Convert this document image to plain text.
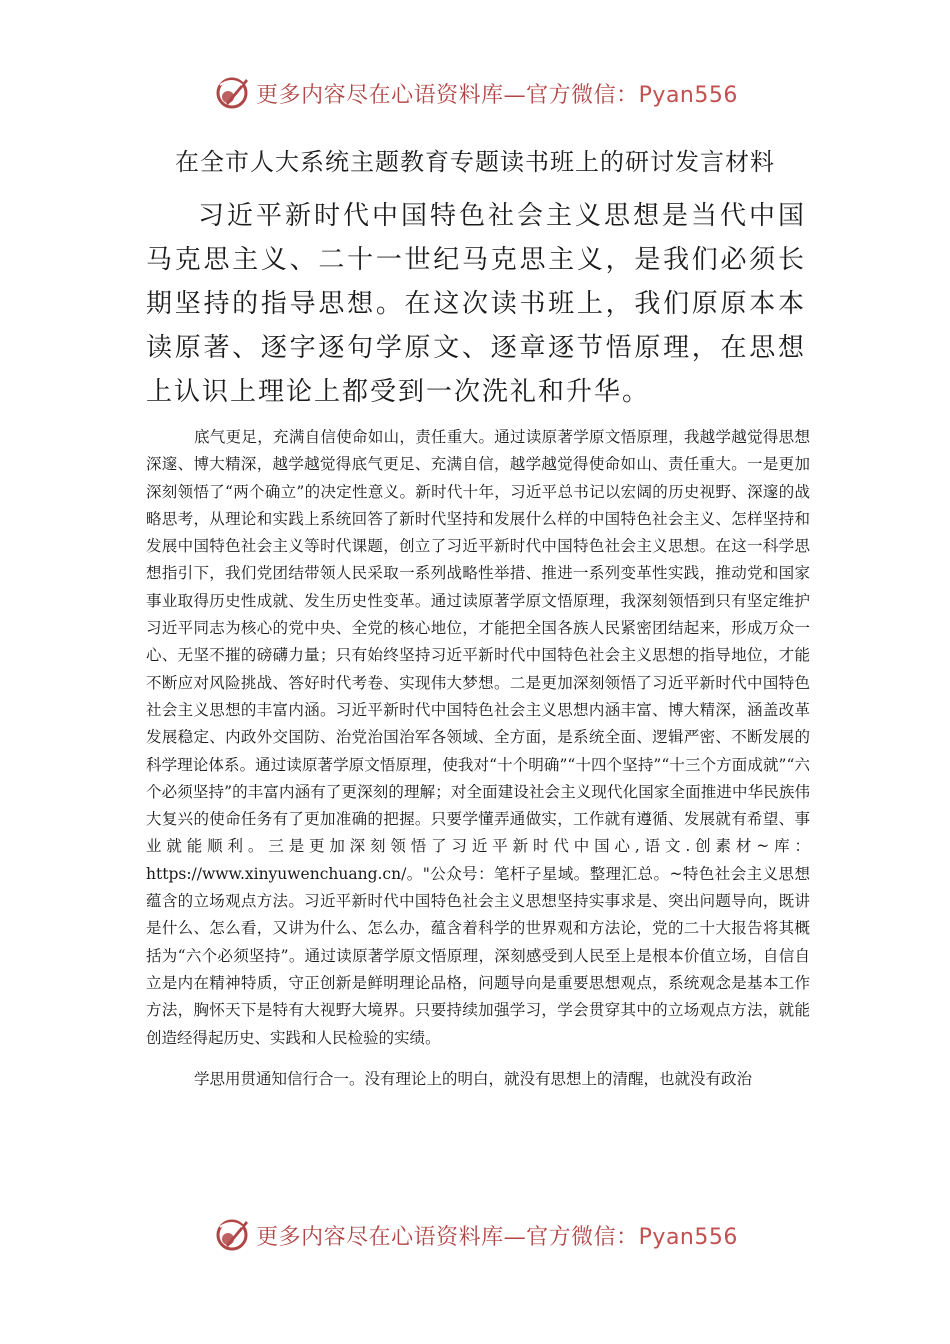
更多内容尽在心语资料库—官方微信：Pyan556
在全市人大系统主题教育专题读书班上的研讨发言材料
习近平新时代中国特色社会主义思想是当代中国马克思主义、二十一世纪马克思主义，是我们必须长期坚持的指导思想。在这次读书班上，我们原原本本读原著、逐字逐句学原文、逐章逐节悟原理，在思想上认识上理论上都受到一次洗礼和升华。

底气更足，充满自信使命如山，责任重大。通过读原著学原文悟原理，我越学越觉得思想深邃、博大精深，越学越觉得底气更足、充满自信，越学越觉得使命如山、责任重大。一是更加深刻领悟了“两个确立”的决定性意义。新时代十年，习近平总书记以宏阔的历史视野、深邃的战略思考，从理论和实践上系统回答了新时代坚持和发展什么样的中国特色社会主义、怎样坚持和发展中国特色社会主义等时代课题，创立了习近平新时代中国特色社会主义思想。在这一科学思想指引下，我们党团结带领人民采取一系列战略性举措、推进一系列变革性实践，推动党和国家事业取得历史性成就、发生历史性变革。通过读原著学原文悟原理，我深刻领悟到只有坚定维护习近平同志为核心的党中央、全党的核心地位，才能把全国各族人民紧密团结起来，形成万众一心、无坚不摧的磅礴力量；只有始终坚持习近平新时代中国特色社会主义思想的指导地位，才能不断应对风险挑战、答好时代考卷、实现伟大梦想。二是更加深刻领悟了习近平新时代中国特色社会主义思想的丰富内涵。习近平新时代中国特色社会主义思想内涵丰富、博大精深，涵盖改革发展稳定、内政外交国防、治党治国治军各领域、全方面，是系统全面、逻辑严密、不断发展的科学理论体系。通过读原著学原文悟原理，使我对“十个明确”“十四个坚持”“十三个方面成就”“六个必须坚持”的丰富内涵有了更深刻的理解；对全面建设社会主义现代化国家全面推进中华民族伟大复兴的使命任务有了更加准确的把握。只要学懂弄通做实，工作就有遵循、发展就有希望、事业就能顺利。三是更加深刻领悟了习近平新时代中国心,语文.创素材~库：https://www.xinyuwenchuang.cn/。"公众号：笔杆子星域。整理汇总。~特色社会主义思想蕴含的立场观点方法。习近平新时代中国特色社会主义思想坚持实事求是、突出问题导向，既讲是什么、怎么看，又讲为什么、怎么办，蕴含着科学的世界观和方法论，党的二十大报告将其概括为“六个必须坚持”。通过读原著学原文悟原理，深刻感受到人民至上是根本价值立场，自信自立是内在精神特质，守正创新是鲜明理论品格，问题导向是重要思想观点，系统观念是基本工作方法，胸怀天下是特有大视野大境界。只要持续加强学习，学会贯穿其中的立场观点方法，就能创造经得起历史、实践和人民检验的实绩。

学思用贯通知信行合一。没有理论上的明白，就没有思想上的清醒，也就没有政治

更多内容尽在心语资料库—官方微信：Pyan556
